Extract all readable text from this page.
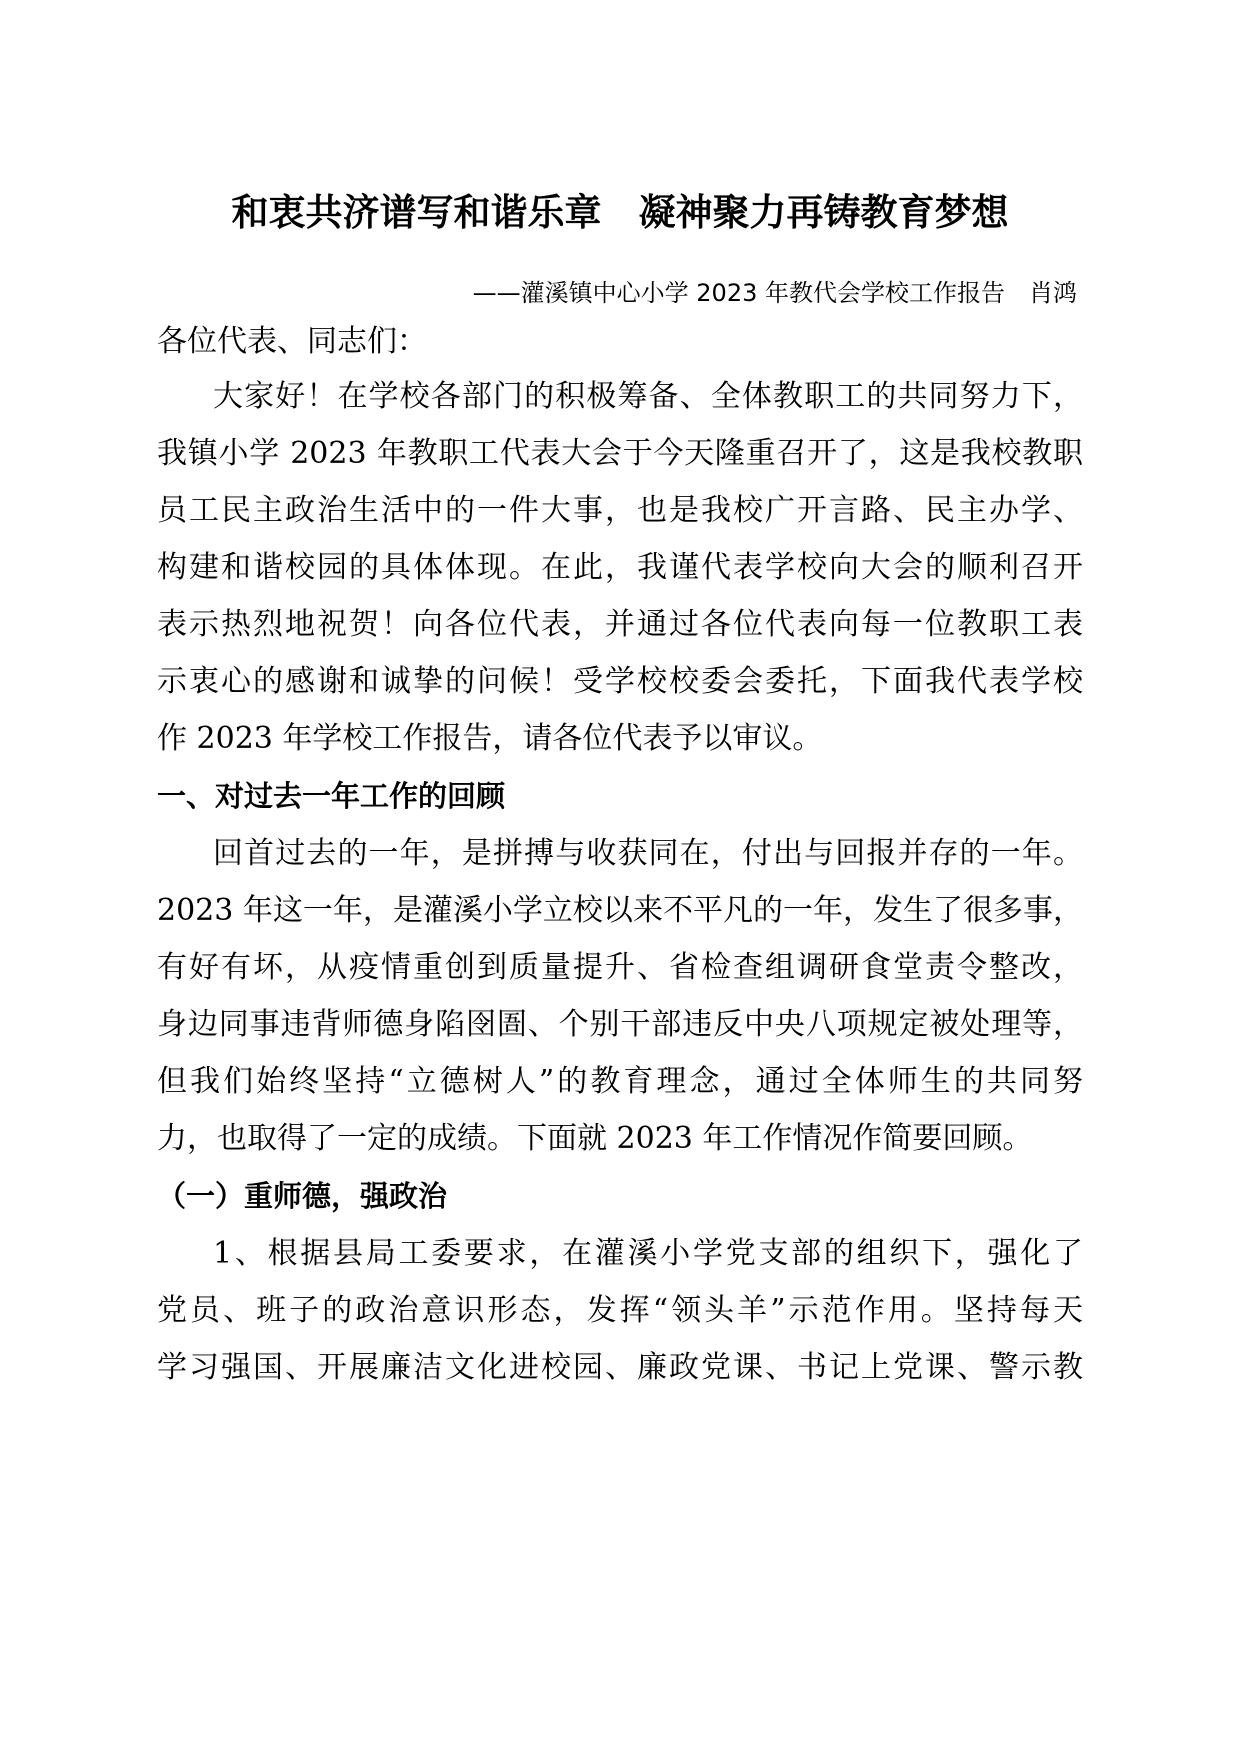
和衷共济谱写和谐乐章　凝神聚力再铸教育梦想

——灌溪镇中心小学 2023 年教代会学校工作报告　肖鸿

各位代表、同志们：

大家好！在学校各部门的积极筹备、全体教职工的共同努力下，

我镇小学 2023 年教职工代表大会于今天隆重召开了，这是我校教职

员工民主政治生活中的一件大事，也是我校广开言路、民主办学、

构建和谐校园的具体体现。在此，我谨代表学校向大会的顺利召开

表示热烈地祝贺！向各位代表，并通过各位代表向每一位教职工表

示衷心的感谢和诚挚的问候！受学校校委会委托，下面我代表学校

作 2023 年学校工作报告，请各位代表予以审议。

一、对过去一年工作的回顾

回首过去的一年，是拼搏与收获同在，付出与回报并存的一年。

2023 年这一年，是灌溪小学立校以来不平凡的一年，发生了很多事，

有好有坏，从疫情重创到质量提升、省检查组调研食堂责令整改，

身边同事违背师德身陷囹圄、个别干部违反中央八项规定被处理等，

但我们始终坚持“立德树人”的教育理念，通过全体师生的共同努

力，也取得了一定的成绩。下面就 2023 年工作情况作简要回顾。

（一）重师德，强政治

1、根据县局工委要求，在灌溪小学党支部的组织下，强化了

党员、班子的政治意识形态，发挥“领头羊”示范作用。坚持每天

学习强国、开展廉洁文化进校园、廉政党课、书记上党课、警示教
